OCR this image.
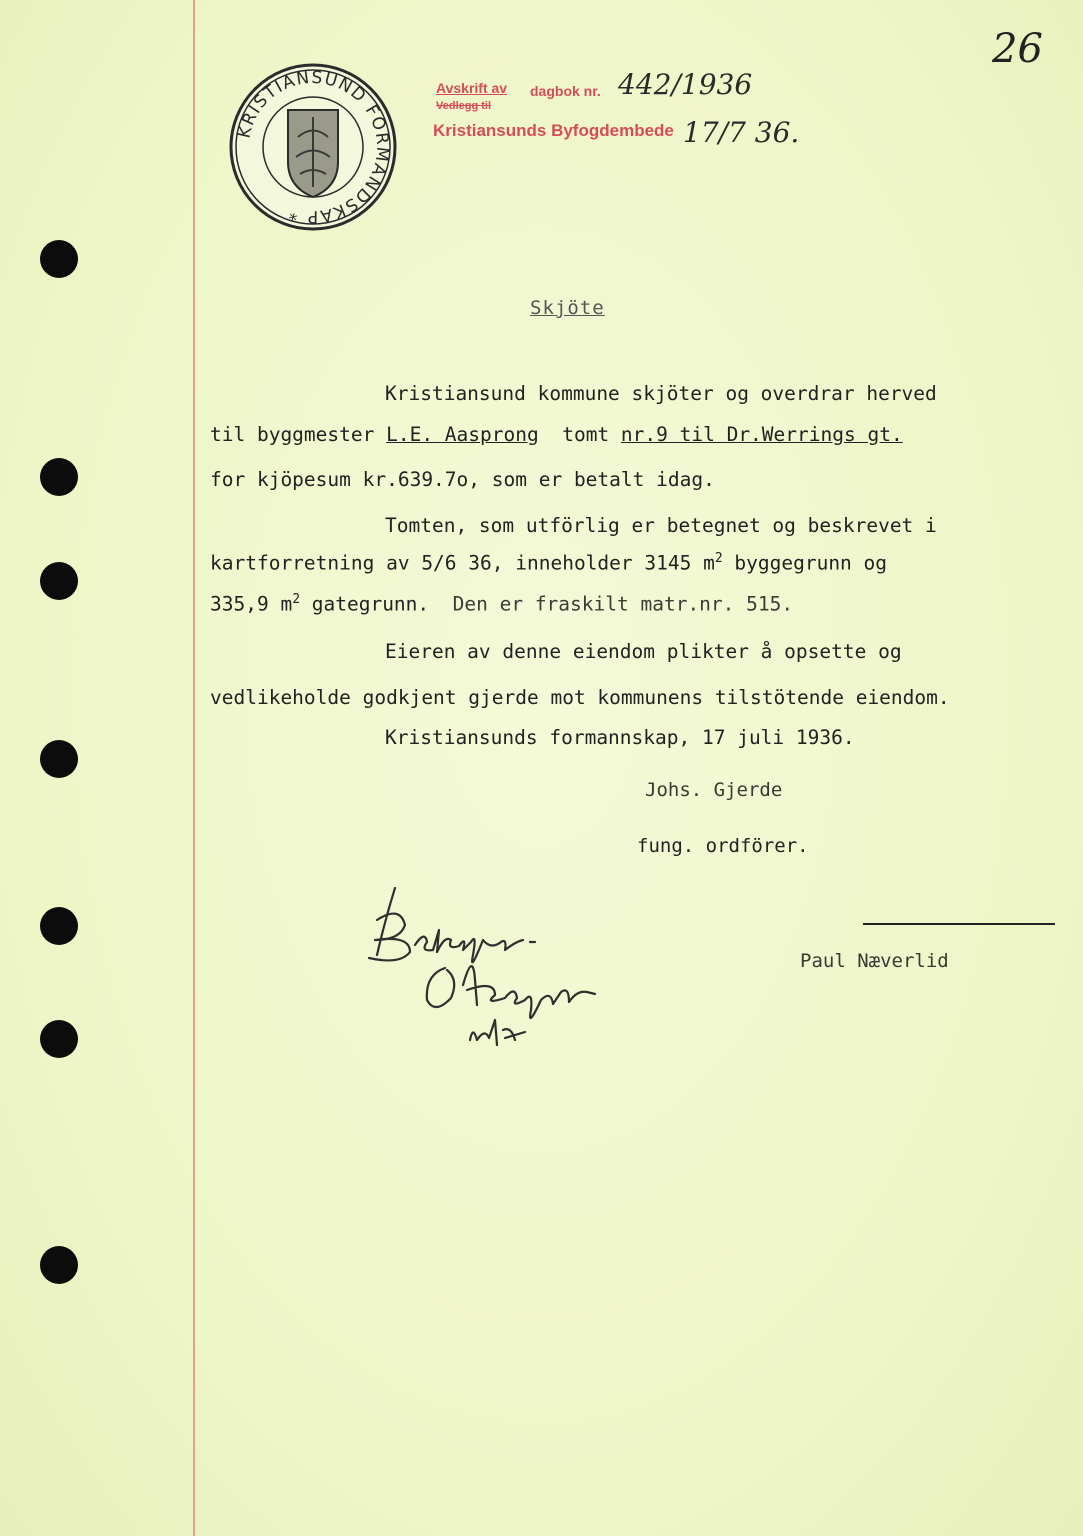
26
KRISTIANSUND FORMANDSKAP *
Avskrift av dagbok nr.
Vedlegg til
Kristiansunds Byfogdembede
442/1936
17/7 36.
Skjöte
Kristiansund kommune skjöter og overdrar herved
til byggmester L.E. Aasprong  tomt nr.9 til Dr.Werrings gt.
for kjöpesum kr.639.7o, som er betalt idag.
Tomten, som utförlig er betegnet og beskrevet i
kartforretning av 5/6 36, inneholder 3145 $m^2$ byggegrunn og
335,9 $m^2$ gategrunn.  Den er fraskilt matr.nr. 515.
Eieren av denne eiendom plikter å opsette og
vedlikeholde godkjent gjerde mot kommunens tilstötende eiendom.
Kristiansunds formannskap, 17 juli 1936.
Johs. Gjerde
fung. ordförer.
Paul Næverlid
